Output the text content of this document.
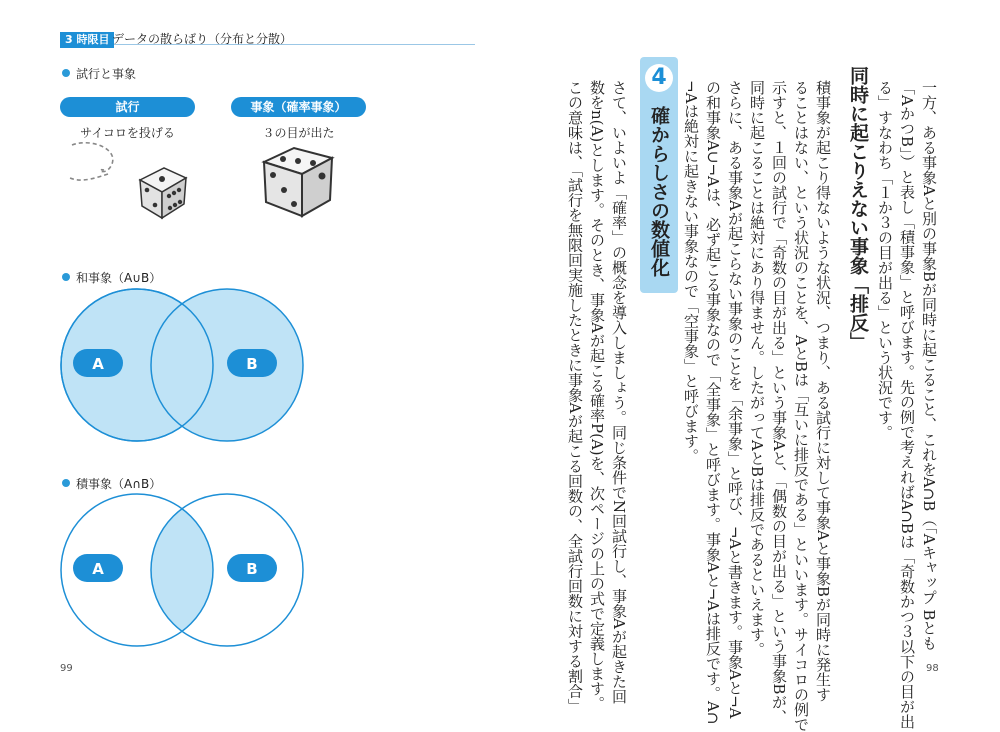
3 時限目 データの散らばり（分布と分散）
試行と事象
試行	事象（確率事象）
サイコロを投げる	３の目が出た
和事象（A∪B）
A	B
積事象（A∩B）
A	B
99
一方、ある事象Aと別の事象Bが同時に起こること、これをA∩B（「Aキャップ Bとも
「AかつB」）と表し「積事象」と呼びます。先の例で考えればA∩Bは「奇数かつ３以下の目が出
る」すなわち「１か３の目が出る」という状況です。
同時に起こりえない事象「排反」
積事象が起こり得ないような状況、つまり、ある試行に対して事象Aと事象Bが同時に発生す
ることはない、という状況のことを、AとBは「互いに排反である」といいます。サイコロの例で
示すと、１回の試行で「奇数の目が出る」という事象Aと、「偶数の目が出る」という事象Bが、
同時に起こることは絶対にあり得ません。したがってAとBは排反であるといえます。
さらに、ある事象Aが起こらない事象のことを「余事象」と呼び、¬Aと書きます。事象Aと¬A
の和事象A∪¬Aは、必ず起こる事象なので「全事象」と呼びます。事象Aと¬Aは排反です。A∩
¬Aは絶対に起きない事象なので「空事象」と呼びます。
4
確からしさの数値化
さて、いよいよ「確率」の概念を導入しましょう。同じ条件でN回試行し、事象Aが起きた回
数をn(A)とします。そのとき、事象Aが起こる確率P(A)を、次ページの上の式で定義します。
この意味は、「試行を無限回実施したときに事象Aが起こる回数の、全試行回数に対する割合」	98
